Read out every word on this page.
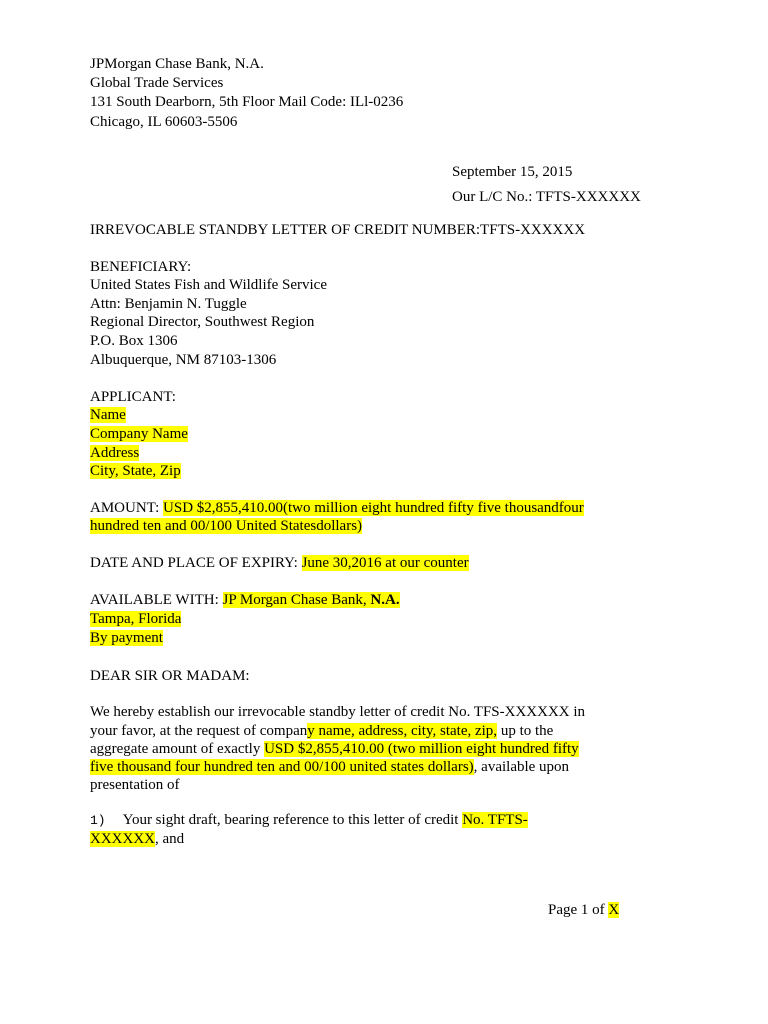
JPMorgan Chase Bank, N.A.
Global Trade Services
131 South Dearborn, 5th Floor Mail Code: ILl-0236
Chicago, IL 60603-5506
September 15, 2015
Our L/C No.: TFTS-XXXXXX
IRREVOCABLE STANDBY LETTER OF CREDIT NUMBER:TFTS-XXXXXX
BENEFICIARY:
United States Fish and Wildlife Service
Attn: Benjamin N. Tuggle
Regional Director, Southwest Region
P.O. Box 1306
Albuquerque, NM 87103-1306
APPLICANT:
Name
Company Name
Address
City, State, Zip
AMOUNT: USD $2,855,410.00(two million eight hundred fifty five thousandfour
hundred ten and 00/100 United Statesdollars)
DATE AND PLACE OF EXPIRY: June 30,2016 at our counter
AVAILABLE WITH: JP Morgan Chase Bank, N.A.
Tampa, Florida
By payment
DEAR SIR OR MADAM:
We hereby establish our irrevocable standby letter of credit No. TFS-XXXXXX in
your favor, at the request of company name, address, city, state, zip, up to the
aggregate amount of exactly USD $2,855,410.00 (two million eight hundred fifty
five thousand four hundred ten and 00/100 united states dollars), available upon
presentation of
1) Your sight draft, bearing reference to this letter of credit No. TFTS-
XXXXXX, and
Page 1 of X
